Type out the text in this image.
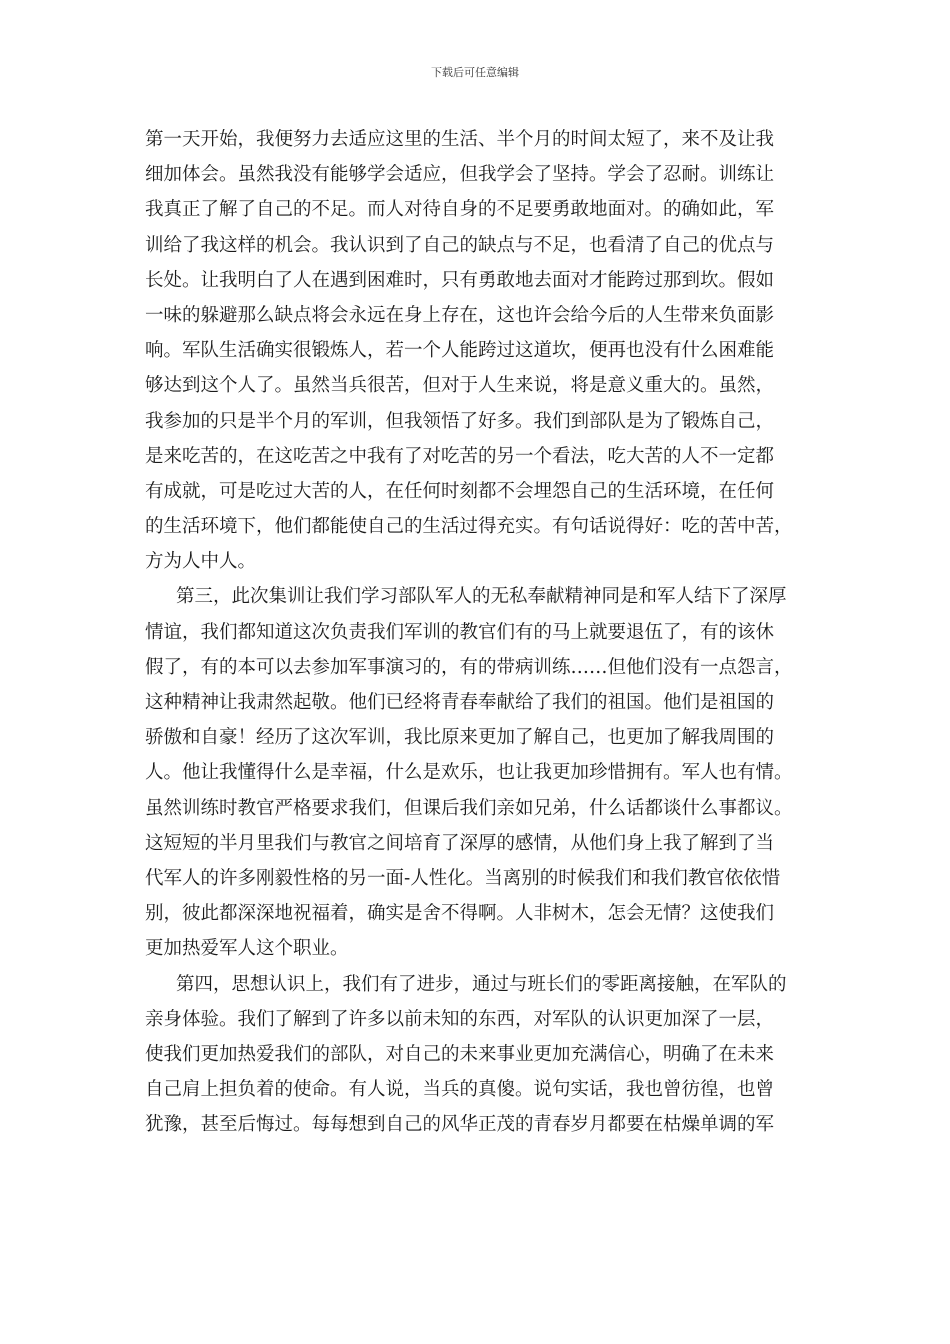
下载后可任意编辑

第一天开始，我便努力去适应这里的生活、半个月的时间太短了，来不及让我
细加体会。虽然我没有能够学会适应，但我学会了坚持。学会了忍耐。训练让
我真正了解了自己的不足。而人对待自身的不足要勇敢地面对。的确如此，军
训给了我这样的机会。我认识到了自己的缺点与不足，也看清了自己的优点与
长处。让我明白了人在遇到困难时，只有勇敢地去面对才能跨过那到坎。假如
一味的躲避那么缺点将会永远在身上存在，这也许会给今后的人生带来负面影
响。军队生活确实很锻炼人，若一个人能跨过这道坎，便再也没有什么困难能
够达到这个人了。虽然当兵很苦，但对于人生来说，将是意义重大的。虽然，
我参加的只是半个月的军训，但我领悟了好多。我们到部队是为了锻炼自己，
是来吃苦的，在这吃苦之中我有了对吃苦的另一个看法，吃大苦的人不一定都
有成就，可是吃过大苦的人，在任何时刻都不会埋怨自己的生活环境，在任何
的生活环境下，他们都能使自己的生活过得充实。有句话说得好：吃的苦中苦，
方为人中人。

第三，此次集训让我们学习部队军人的无私奉献精神同是和军人结下了深厚
情谊，我们都知道这次负责我们军训的教官们有的马上就要退伍了，有的该休
假了，有的本可以去参加军事演习的，有的带病训练……但他们没有一点怨言，
这种精神让我肃然起敬。他们已经将青春奉献给了我们的祖国。他们是祖国的
骄傲和自豪！经历了这次军训，我比原来更加了解自己，也更加了解我周围的
人。他让我懂得什么是幸福，什么是欢乐，也让我更加珍惜拥有。军人也有情。
虽然训练时教官严格要求我们，但课后我们亲如兄弟，什么话都谈什么事都议。
这短短的半月里我们与教官之间培育了深厚的感情，从他们身上我了解到了当
代军人的许多刚毅性格的另一面-人性化。当离别的时候我们和我们教官依依惜
别，彼此都深深地祝福着，确实是舍不得啊。人非树木，怎会无情？这使我们
更加热爱军人这个职业。

第四，思想认识上，我们有了进步，通过与班长们的零距离接触，在军队的
亲身体验。我们了解到了许多以前未知的东西，对军队的认识更加深了一层，
使我们更加热爱我们的部队，对自己的未来事业更加充满信心，明确了在未来
自己肩上担负着的使命。有人说，当兵的真傻。说句实话，我也曾彷徨，也曾
犹豫，甚至后悔过。每每想到自己的风华正茂的青春岁月都要在枯燥单调的军
